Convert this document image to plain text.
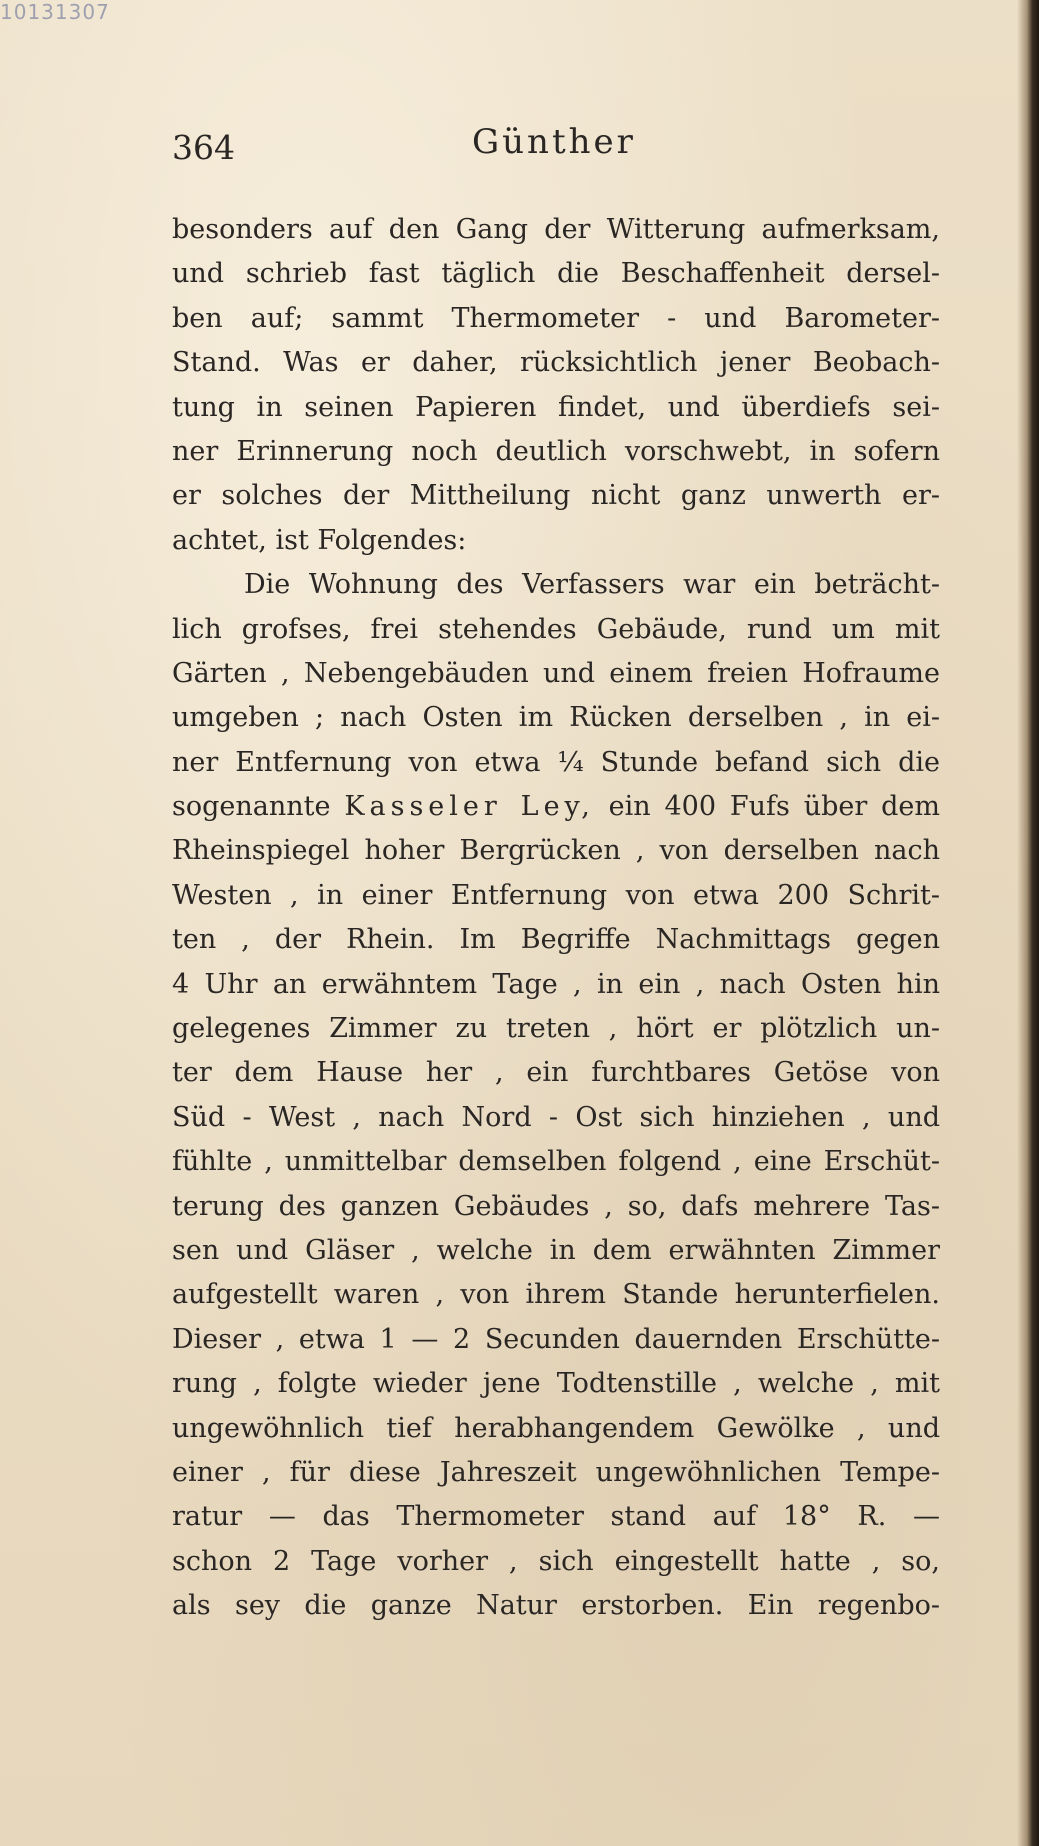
10131307
364	Günther
besonders auf den Gang der Witterung aufmerksam,
und schrieb fast täglich die Beschaffenheit dersel-
ben auf; sammt Thermometer - und Barometer-
Stand. Was er daher, rücksichtlich jener Beobach-
tung in seinen Papieren findet, und überdiefs sei-
ner Erinnerung noch deutlich vorschwebt, in sofern
er solches der Mittheilung nicht ganz unwerth er-
achtet, ist Folgendes:
Die Wohnung des Verfassers war ein beträcht-
lich grofses, frei stehendes Gebäude, rund um mit
Gärten , Nebengebäuden und einem freien Hofraume
umgeben ; nach Osten im Rücken derselben , in ei-
ner Entfernung von etwa ¼ Stunde befand sich die
sogenannte Kasseler Ley, ein 400 Fufs über dem
Rheinspiegel hoher Bergrücken , von derselben nach
Westen , in einer Entfernung von etwa 200 Schrit-
ten , der Rhein. Im Begriffe Nachmittags gegen
4 Uhr an erwähntem Tage , in ein , nach Osten hin
gelegenes Zimmer zu treten , hört er plötzlich un-
ter dem Hause her , ein furchtbares Getöse von
Süd - West , nach Nord - Ost sich hinziehen , und
fühlte , unmittelbar demselben folgend , eine Erschüt-
terung des ganzen Gebäudes , so, dafs mehrere Tas-
sen und Gläser , welche in dem erwähnten Zimmer
aufgestellt waren , von ihrem Stande herunterfielen.
Dieser , etwa 1 — 2 Secunden dauernden Erschütte-
rung , folgte wieder jene Todtenstille , welche , mit
ungewöhnlich tief herabhangendem Gewölke , und
einer , für diese Jahreszeit ungewöhnlichen Tempe-
ratur — das Thermometer stand auf 18° R. —
schon 2 Tage vorher , sich eingestellt hatte , so,
als sey die ganze Natur erstorben. Ein regenbo-
